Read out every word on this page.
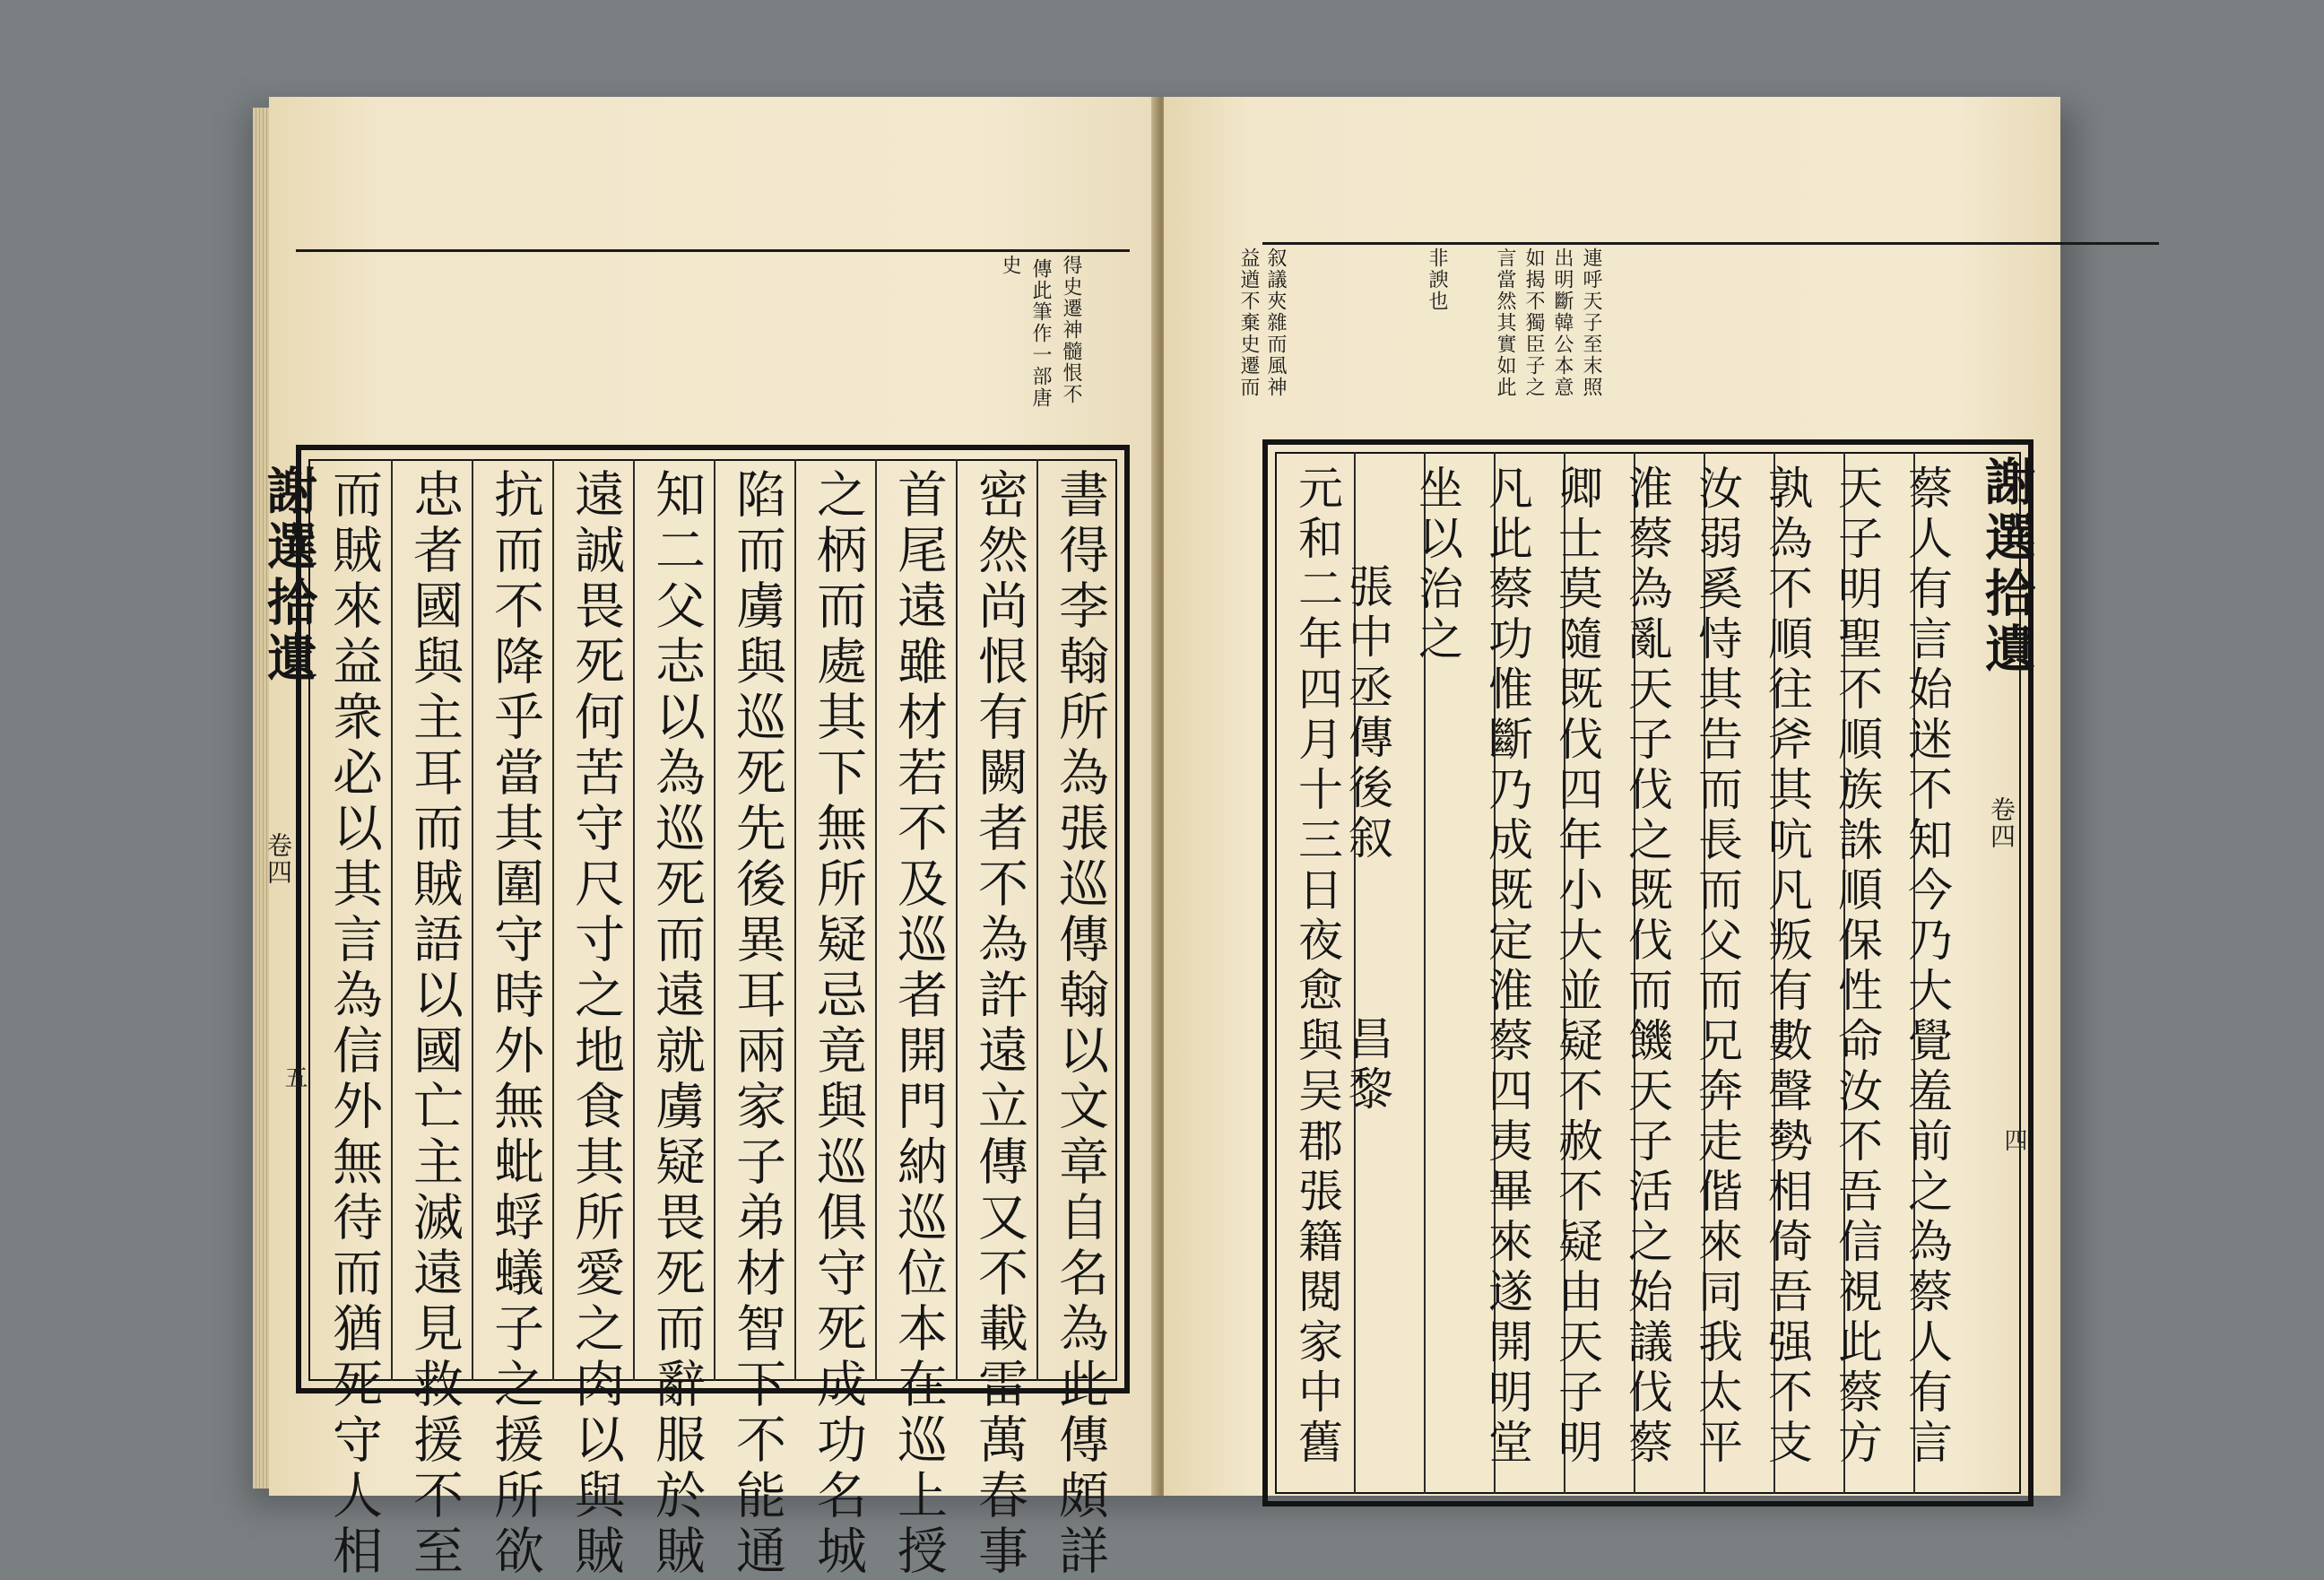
得史遷神髓恨不
傳此筆作一部唐
史
謝選拾遺
卷四
五	書得李翰所為張巡傳翰以文章自名為此傳頗詳
密然尚恨有闕者不為許遠立傳又不載雷萬春事
首尾遠雖材若不及巡者開門納巡位本在巡上授
之柄而處其下無所疑忌竟與巡俱守死成功名城
陷而虜與巡死先後異耳兩家子弟材智下不能通
知二父志以為巡死而遠就虜疑畏死而辭服於賊
遠誠畏死何苦守尺寸之地食其所愛之肉以與賊
抗而不降乎當其圍守時外無蚍蜉蟻子之援所欲
忠者國與主耳而賊語以國亡主滅遠見救援不至
而賊來益衆必以其言為信外無待而猶死守人相
連呼天子至末照
出明斷韓公本意
如揭不獨臣子之
言當然其實如此
非諛也
叙議夾雜而風神
益遒不棄史遷而
謝選拾遺
卷四
四
蔡人有言始迷不知今乃大覺羞前之為蔡人有言
天子明聖不順族誅順保性命汝不吾信視此蔡方
孰為不順往斧其吭凡叛有數聲勢相倚吾强不支
汝弱奚恃其告而長而父而兄奔走偕來同我太平
淮蔡為亂天子伐之既伐而饑天子活之始議伐蔡
卿士莫隨既伐四年小大並疑不赦不疑由天子明
凡此蔡功惟斷乃成既定淮蔡四夷畢來遂開明堂
坐以治之
張中丞傳後叙　　　昌黎
元和二年四月十三日夜愈與吴郡張籍閱家中舊
